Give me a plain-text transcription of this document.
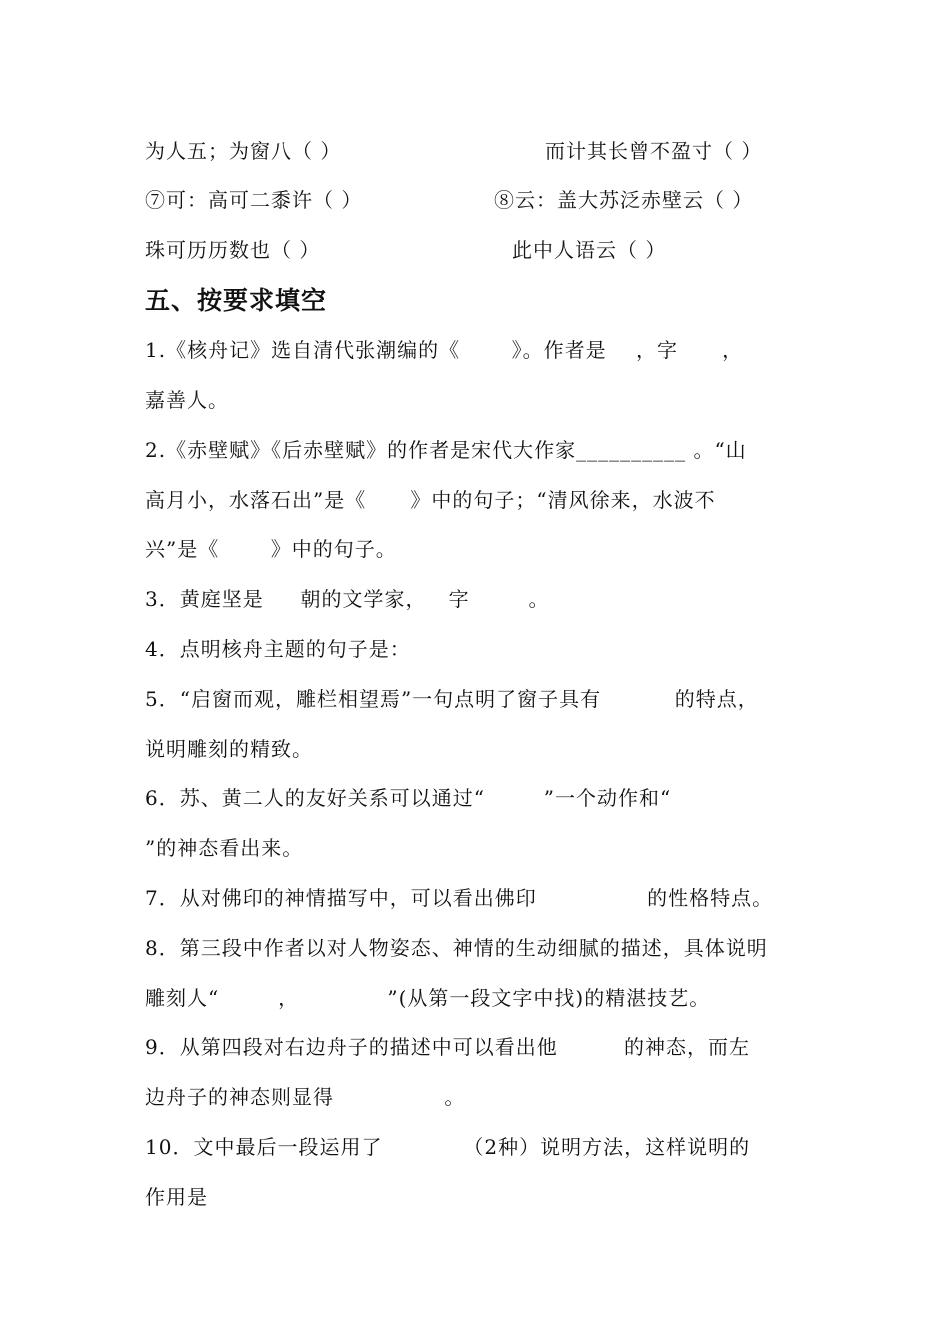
为人五；为窗八（ ）	而计其长曾不盈寸（ ）
⑦可：高可二黍许（ ）	⑧云：盖大苏泛赤壁云（ ）
珠可历历数也（ ）	此中人语云（ ）
五、按要求填空
1.《核舟记》选自清代张潮编的《       》。作者是    ，字      ，
嘉善人。
2.《赤壁赋》《后赤壁赋》的作者是宋代大作家__________ 。“山
高月小，水落石出”是《      》中的句子；“清风徐来，水波不
兴”是《       》中的句子。
3．黄庭坚是     朝的文学家，   字        。
4．点明核舟主题的句子是：
5．“启窗而观，雕栏相望焉”一句点明了窗子具有          的特点，
说明雕刻的精致。
6．苏、黄二人的友好关系可以通过“        ”一个动作和“
”的神态看出来。
7．从对佛印的神情描写中，可以看出佛印               的性格特点。
8．第三段中作者以对人物姿态、神情的生动细腻的描述，具体说明
雕刻人“        ，            ”(从第一段文字中找)的精湛技艺。
9．从第四段对右边舟子的描述中可以看出他         的神态，而左
边舟子的神态则显得               。
10．文中最后一段运用了           （2种）说明方法，这样说明的
作用是
